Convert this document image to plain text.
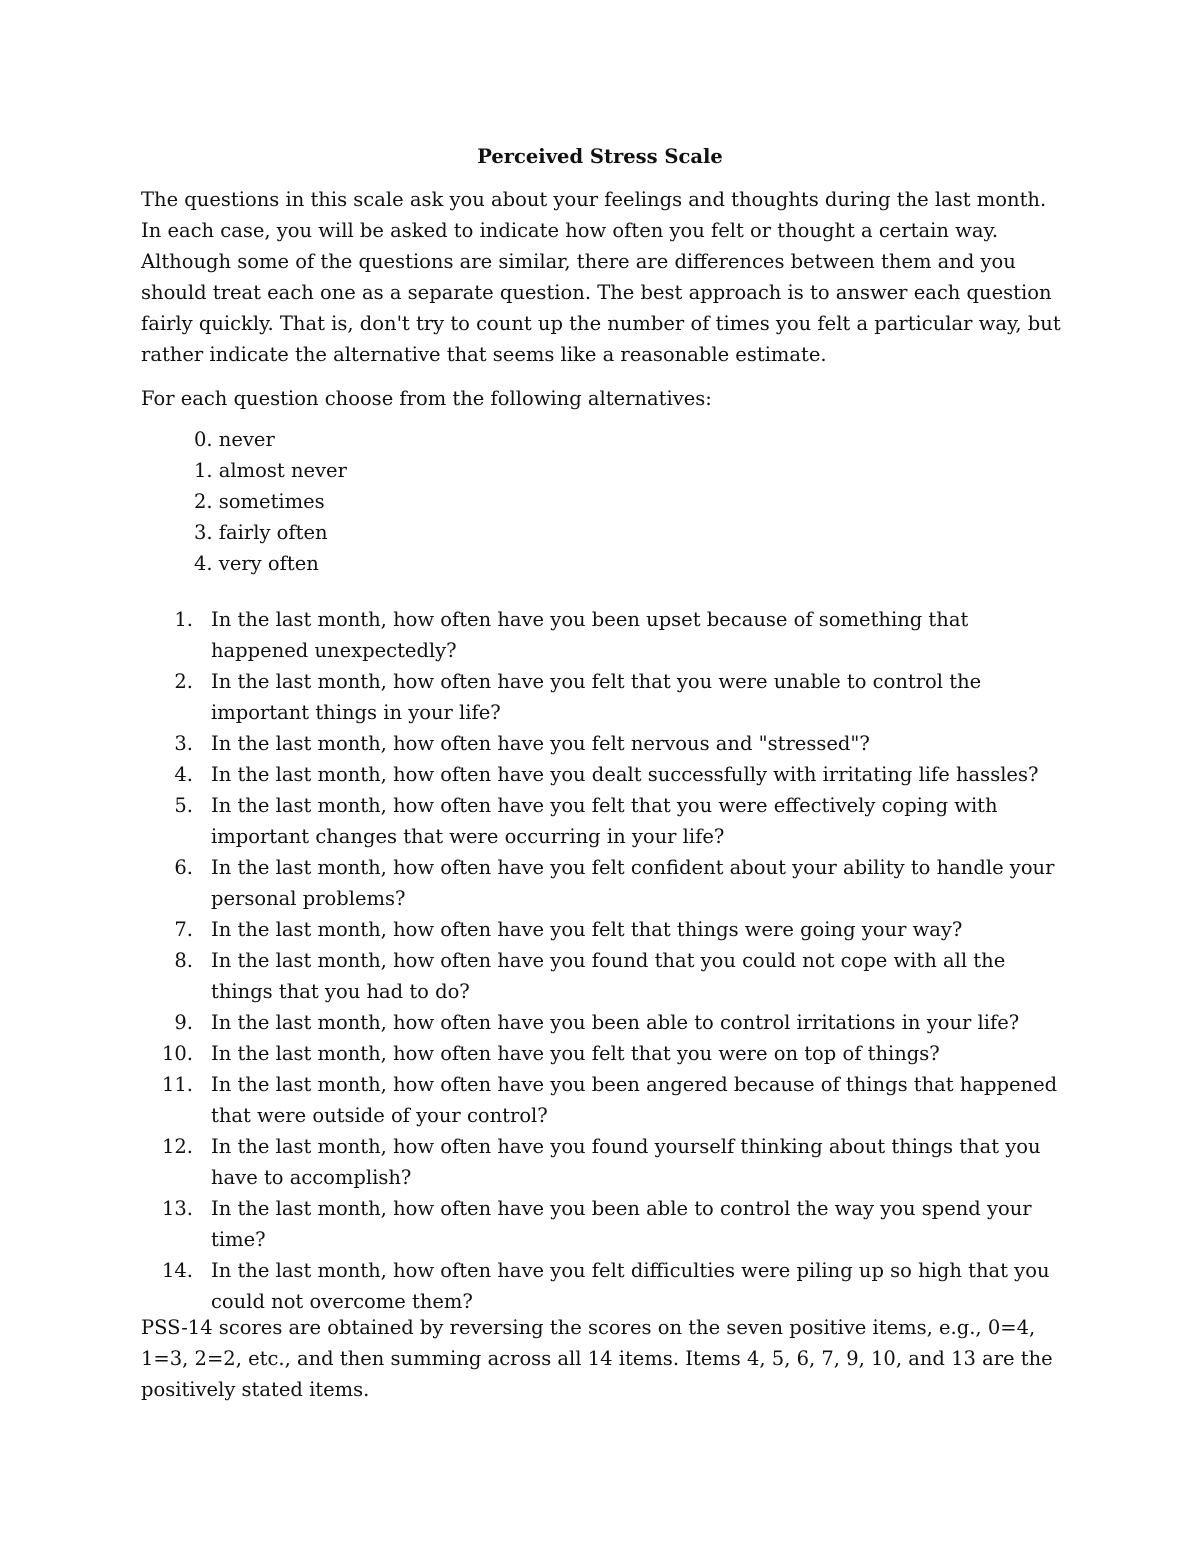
Perceived Stress Scale

The questions in this scale ask you about your feelings and thoughts during the last month. In each case, you will be asked to indicate how often you felt or thought a certain way. Although some of the questions are similar, there are differences between them and you should treat each one as a separate question. The best approach is to answer each question fairly quickly. That is, don't try to count up the number of times you felt a particular way, but rather indicate the alternative that seems like a reasonable estimate.

For each question choose from the following alternatives:

0. never
1. almost never
2. sometimes
3. fairly often
4. very often
1. In the last month, how often have you been upset because of something that happened unexpectedly?
2. In the last month, how often have you felt that you were unable to control the important things in your life?
3. In the last month, how often have you felt nervous and "stressed"?
4. In the last month, how often have you dealt successfully with irritating life hassles?
5. In the last month, how often have you felt that you were effectively coping with important changes that were occurring in your life?
6. In the last month, how often have you felt confident about your ability to handle your personal problems?
7. In the last month, how often have you felt that things were going your way?
8. In the last month, how often have you found that you could not cope with all the things that you had to do?
9. In the last month, how often have you been able to control irritations in your life?
10. In the last month, how often have you felt that you were on top of things?
11. In the last month, how often have you been angered because of things that happened that were outside of your control?
12. In the last month, how often have you found yourself thinking about things that you have to accomplish?
13. In the last month, how often have you been able to control the way you spend your time?
14. In the last month, how often have you felt difficulties were piling up so high that you could not overcome them?

PSS-14 scores are obtained by reversing the scores on the seven positive items, e.g., 0=4, 1=3, 2=2, etc., and then summing across all 14 items. Items 4, 5, 6, 7, 9, 10, and 13 are the positively stated items.
